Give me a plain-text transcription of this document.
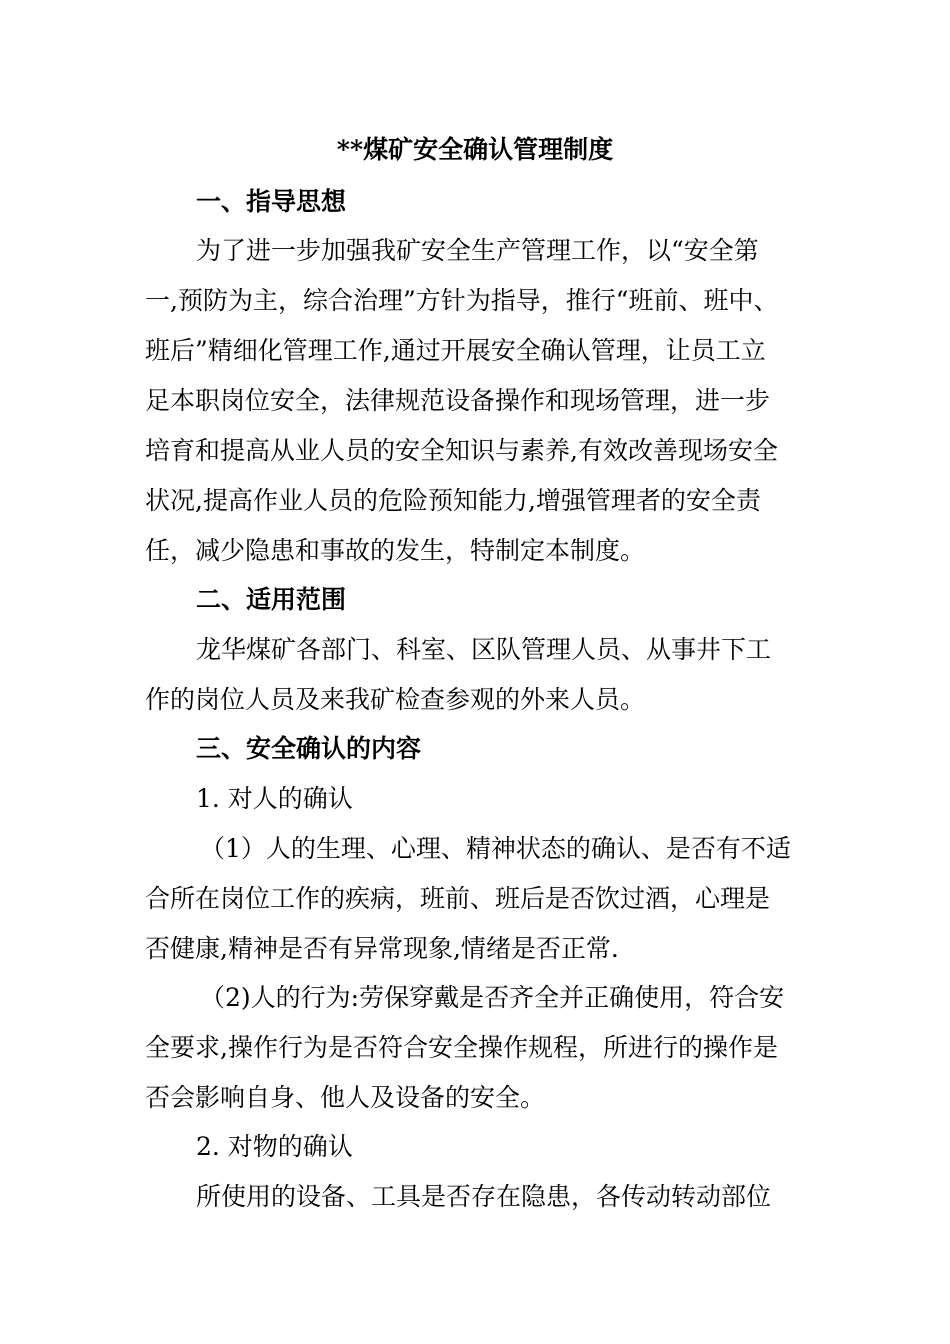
**煤矿安全确认管理制度
一、指导思想
为了进一步加强我矿安全生产管理工作，以“安全第
一,预防为主，综合治理”方针为指导，推行“班前、班中、
班后”精细化管理工作,通过开展安全确认管理，让员工立
足本职岗位安全，法律规范设备操作和现场管理，进一步
培育和提高从业人员的安全知识与素养,有效改善现场安全
状况,提高作业人员的危险预知能力,增强管理者的安全责
任，减少隐患和事故的发生，特制定本制度。
二、适用范围
龙华煤矿各部门、科室、区队管理人员、从事井下工
作的岗位人员及来我矿检查参观的外来人员。
三、安全确认的内容
1. 对人的确认
（1）人的生理、心理、精神状态的确认、是否有不适
合所在岗位工作的疾病，班前、班后是否饮过酒，心理是
否健康,精神是否有异常现象,情绪是否正常.
（2)人的行为:劳保穿戴是否齐全并正确使用，符合安
全要求,操作行为是否符合安全操作规程，所进行的操作是
否会影响自身、他人及设备的安全。
2. 对物的确认
所使用的设备、工具是否存在隐患，各传动转动部位
